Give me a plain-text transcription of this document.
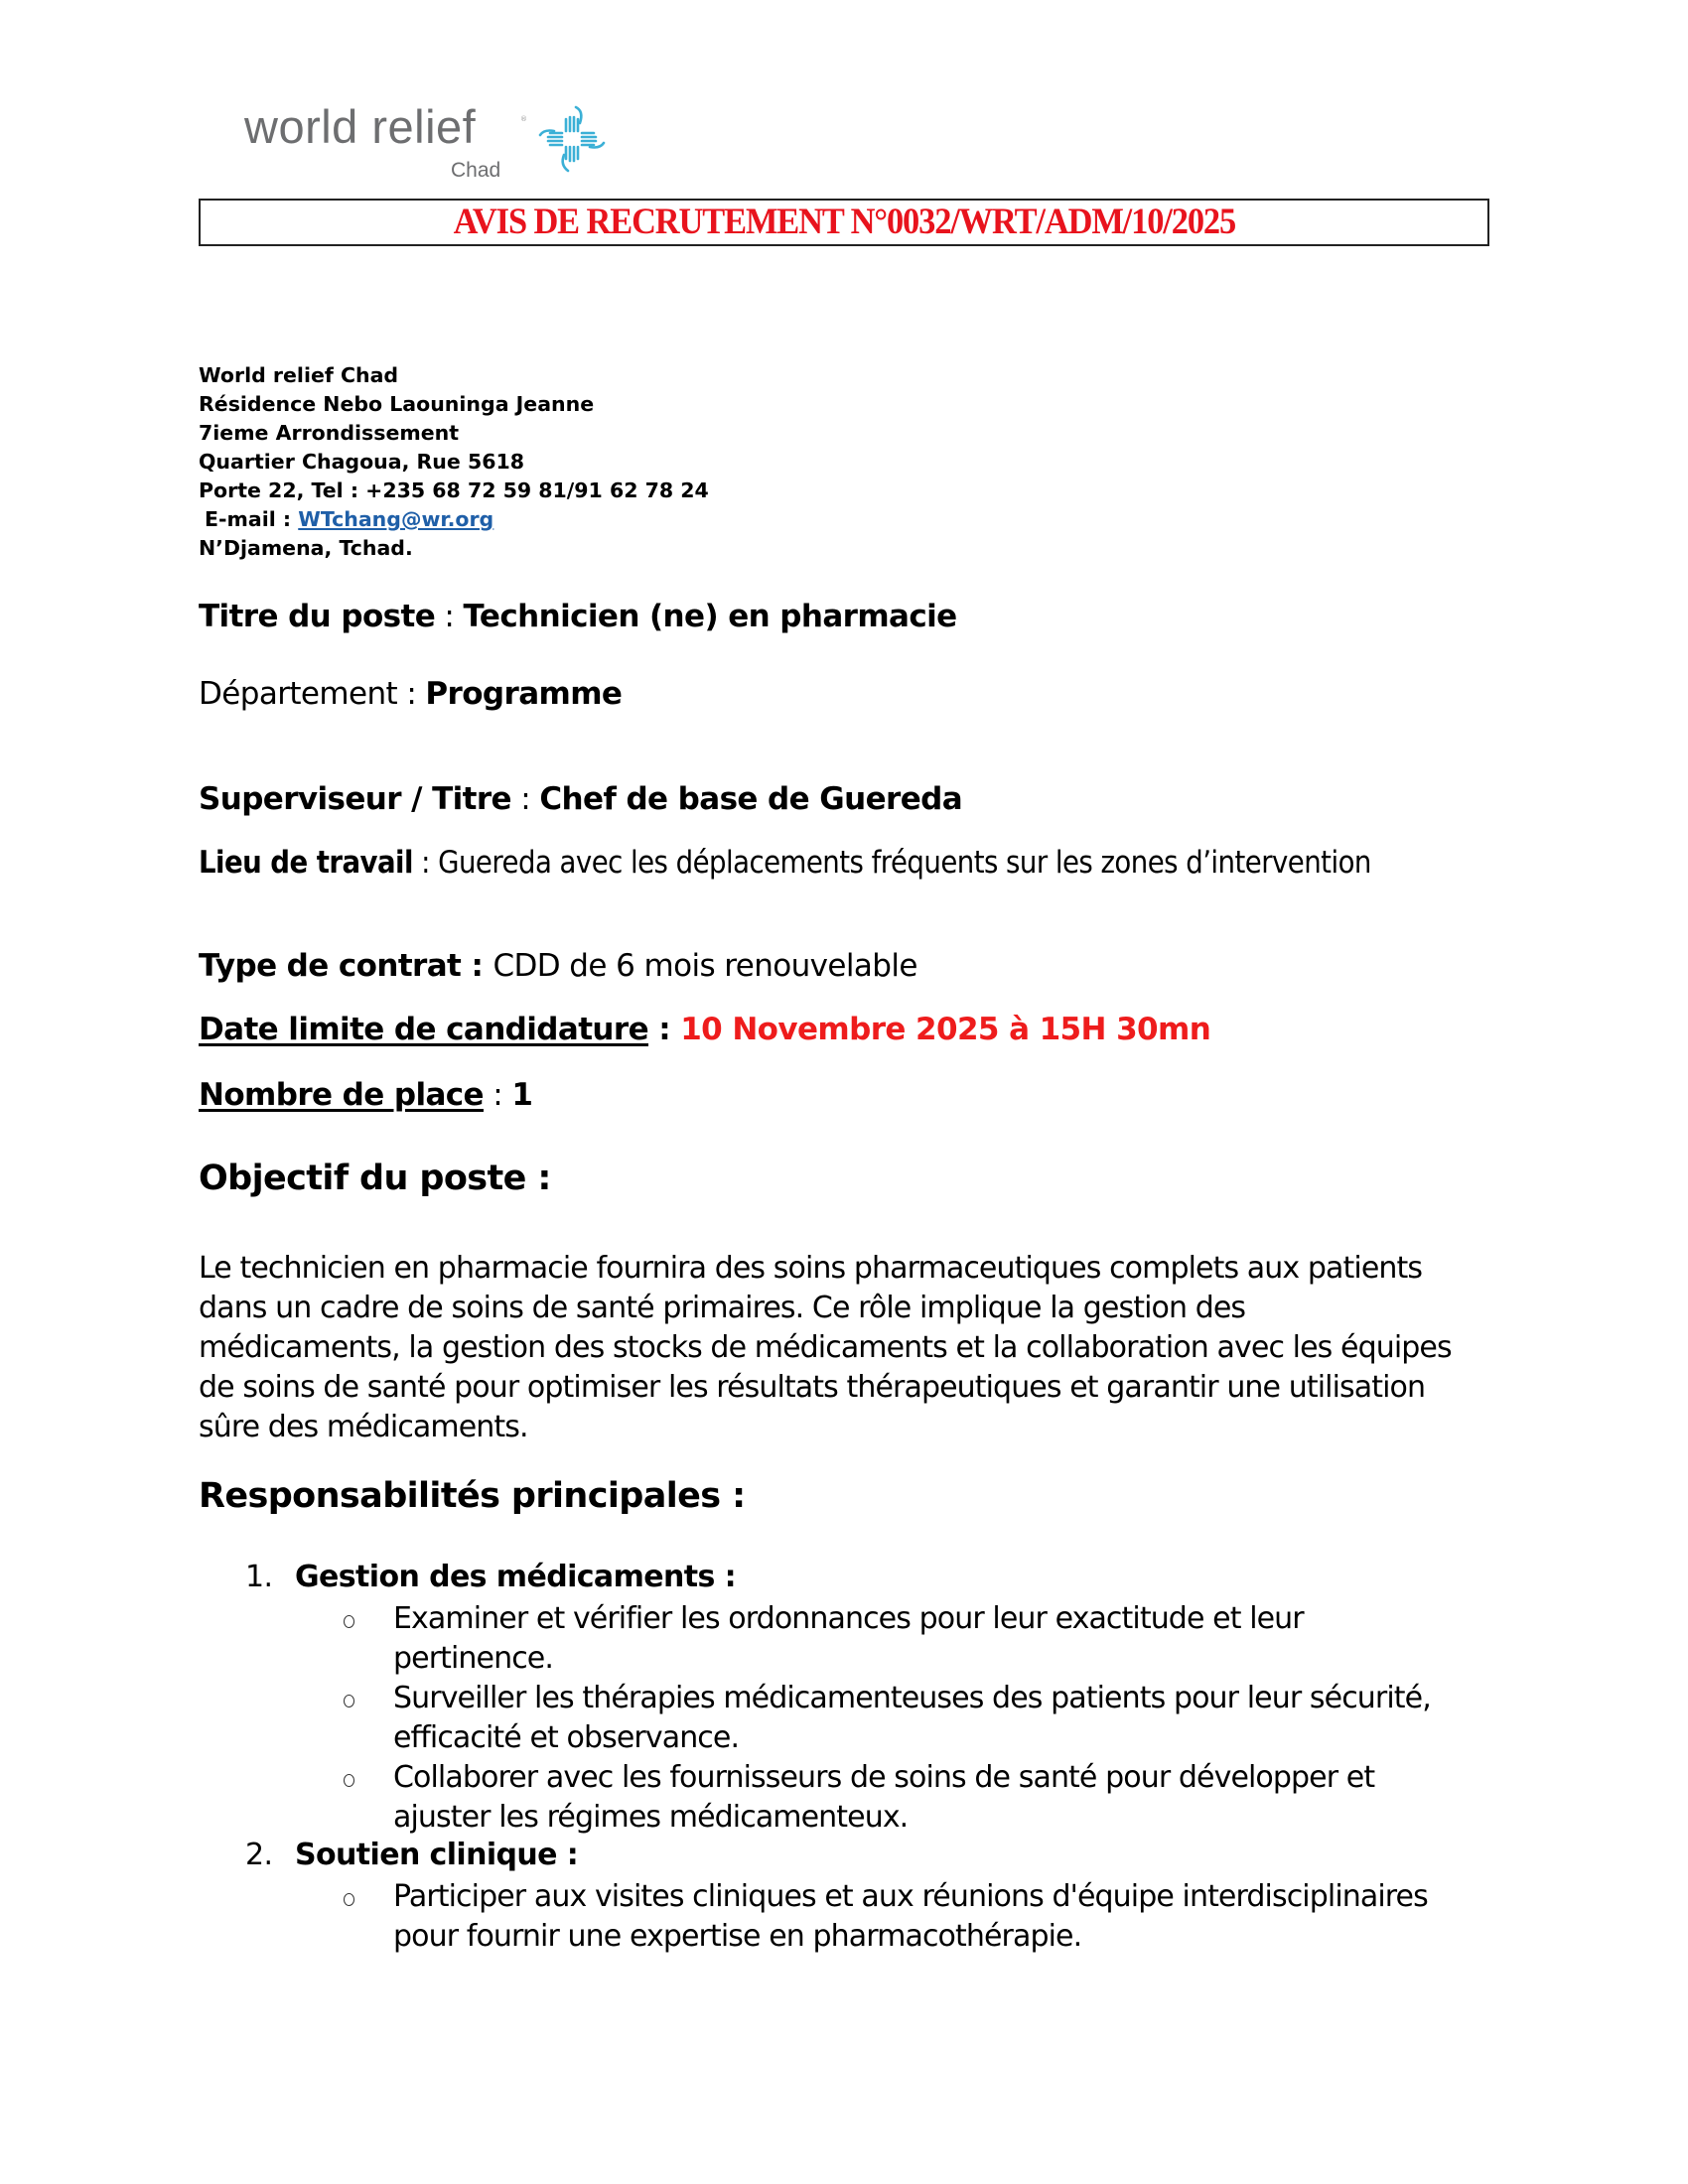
world relief	®
Chad
AVIS DE RECRUTEMENT N°0032/WRT/ADM/10/2025
World relief Chad
Résidence Nebo Laouninga Jeanne
7ieme Arrondissement
Quartier Chagoua, Rue 5618
Porte 22, Tel : +235 68 72 59 81/91 62 78 24
E-mail : WTchang@wr.org
N’Djamena, Tchad.
Titre du poste : Technicien (ne) en pharmacie
Département : Programme
Superviseur / Titre : Chef de base de Guereda
Lieu de travail : Guereda avec les déplacements fréquents sur les zones d’intervention
Type de contrat : CDD de 6 mois renouvelable
Date limite de candidature : 10 Novembre 2025 à 15H 30mn
Nombre de place : 1
Objectif du poste :
Le technicien en pharmacie fournira des soins pharmaceutiques complets aux patients
dans un cadre de soins de santé primaires. Ce rôle implique la gestion des
médicaments, la gestion des stocks de médicaments et la collaboration avec les équipes
de soins de santé pour optimiser les résultats thérapeutiques et garantir une utilisation
sûre des médicaments.
Responsabilités principales :
1. Gestion des médicaments :
Examiner et vérifier les ordonnances pour leur exactitude et leur
pertinence.
Surveiller les thérapies médicamenteuses des patients pour leur sécurité,
efficacité et observance.
Collaborer avec les fournisseurs de soins de santé pour développer et
ajuster les régimes médicamenteux.
2. Soutien clinique :
Participer aux visites cliniques et aux réunions d'équipe interdisciplinaires
pour fournir une expertise en pharmacothérapie.
